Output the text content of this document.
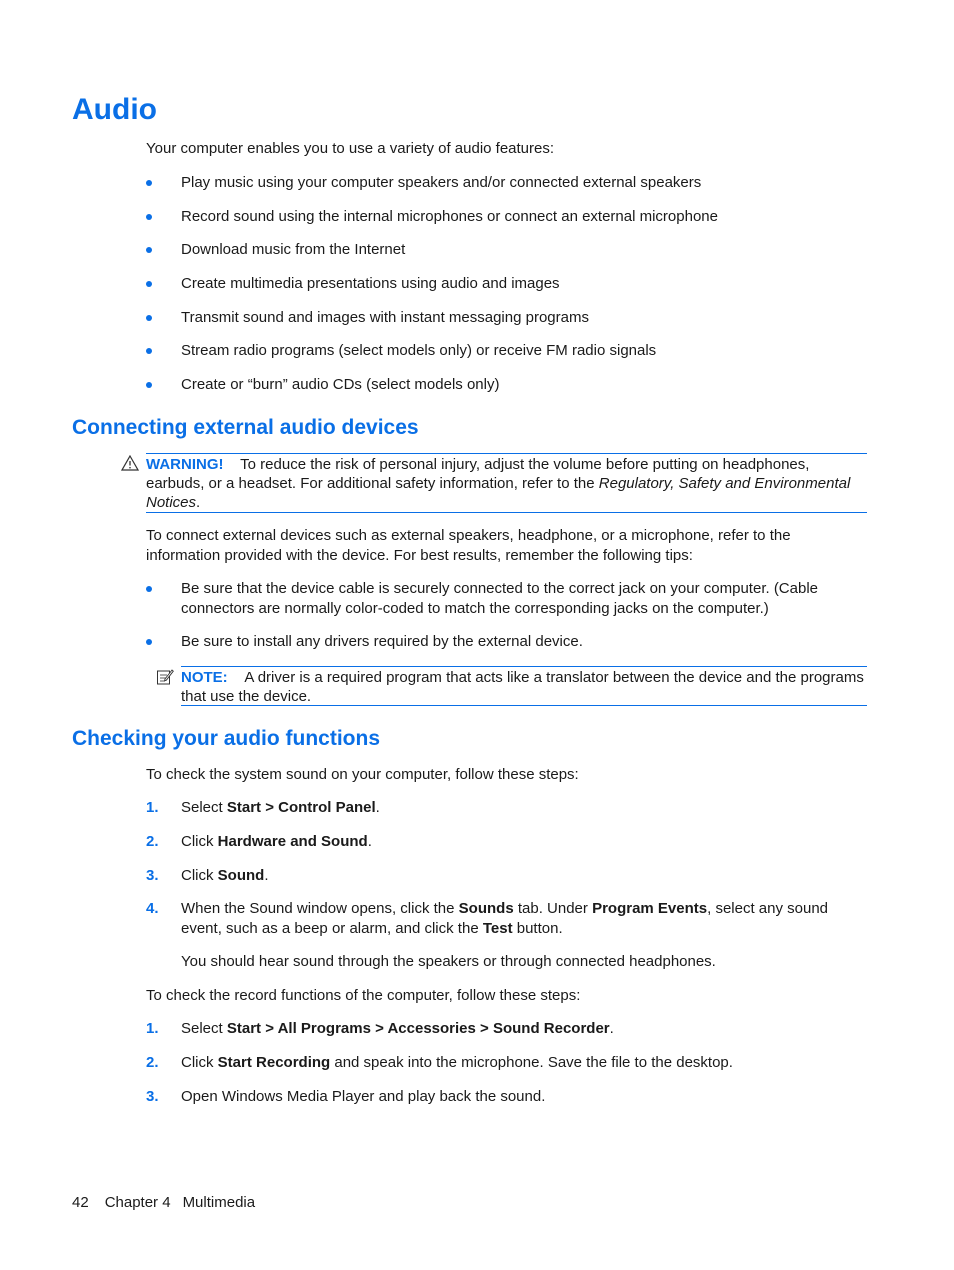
Audio

Your computer enables you to use a variety of audio features:

Play music using your computer speakers and/or connected external speakers
Record sound using the internal microphones or connect an external microphone
Download music from the Internet
Create multimedia presentations using audio and images
Transmit sound and images with instant messaging programs
Stream radio programs (select models only) or receive FM radio signals
Create or “burn” audio CDs (select models only)
Connecting external audio devices
WARNING! To reduce the risk of personal injury, adjust the volume before putting on headphones, earbuds, or a headset. For additional safety information, refer to the Regulatory, Safety and Environmental Notices.

To connect external devices such as external speakers, headphone, or a microphone, refer to the information provided with the device. For best results, remember the following tips:

Be sure that the device cable is securely connected to the correct jack on your computer. (Cable connectors are normally color-coded to match the corresponding jacks on the computer.)
Be sure to install any drivers required by the external device.
NOTE: A driver is a required program that acts like a translator between the device and the programs that use the device.
Checking your audio functions

To check the system sound on your computer, follow these steps:

1. Select Start > Control Panel.
2. Click Hardware and Sound.
3. Click Sound.
4. When the Sound window opens, click the Sounds tab. Under Program Events, select any sound event, such as a beep or alarm, and click the Test button.

You should hear sound through the speakers or through connected headphones.

To check the record functions of the computer, follow these steps:

1. Select Start > All Programs > Accessories > Sound Recorder.
2. Click Start Recording and speak into the microphone. Save the file to the desktop.
3. Open Windows Media Player and play back the sound.
42 Chapter 4 Multimedia
